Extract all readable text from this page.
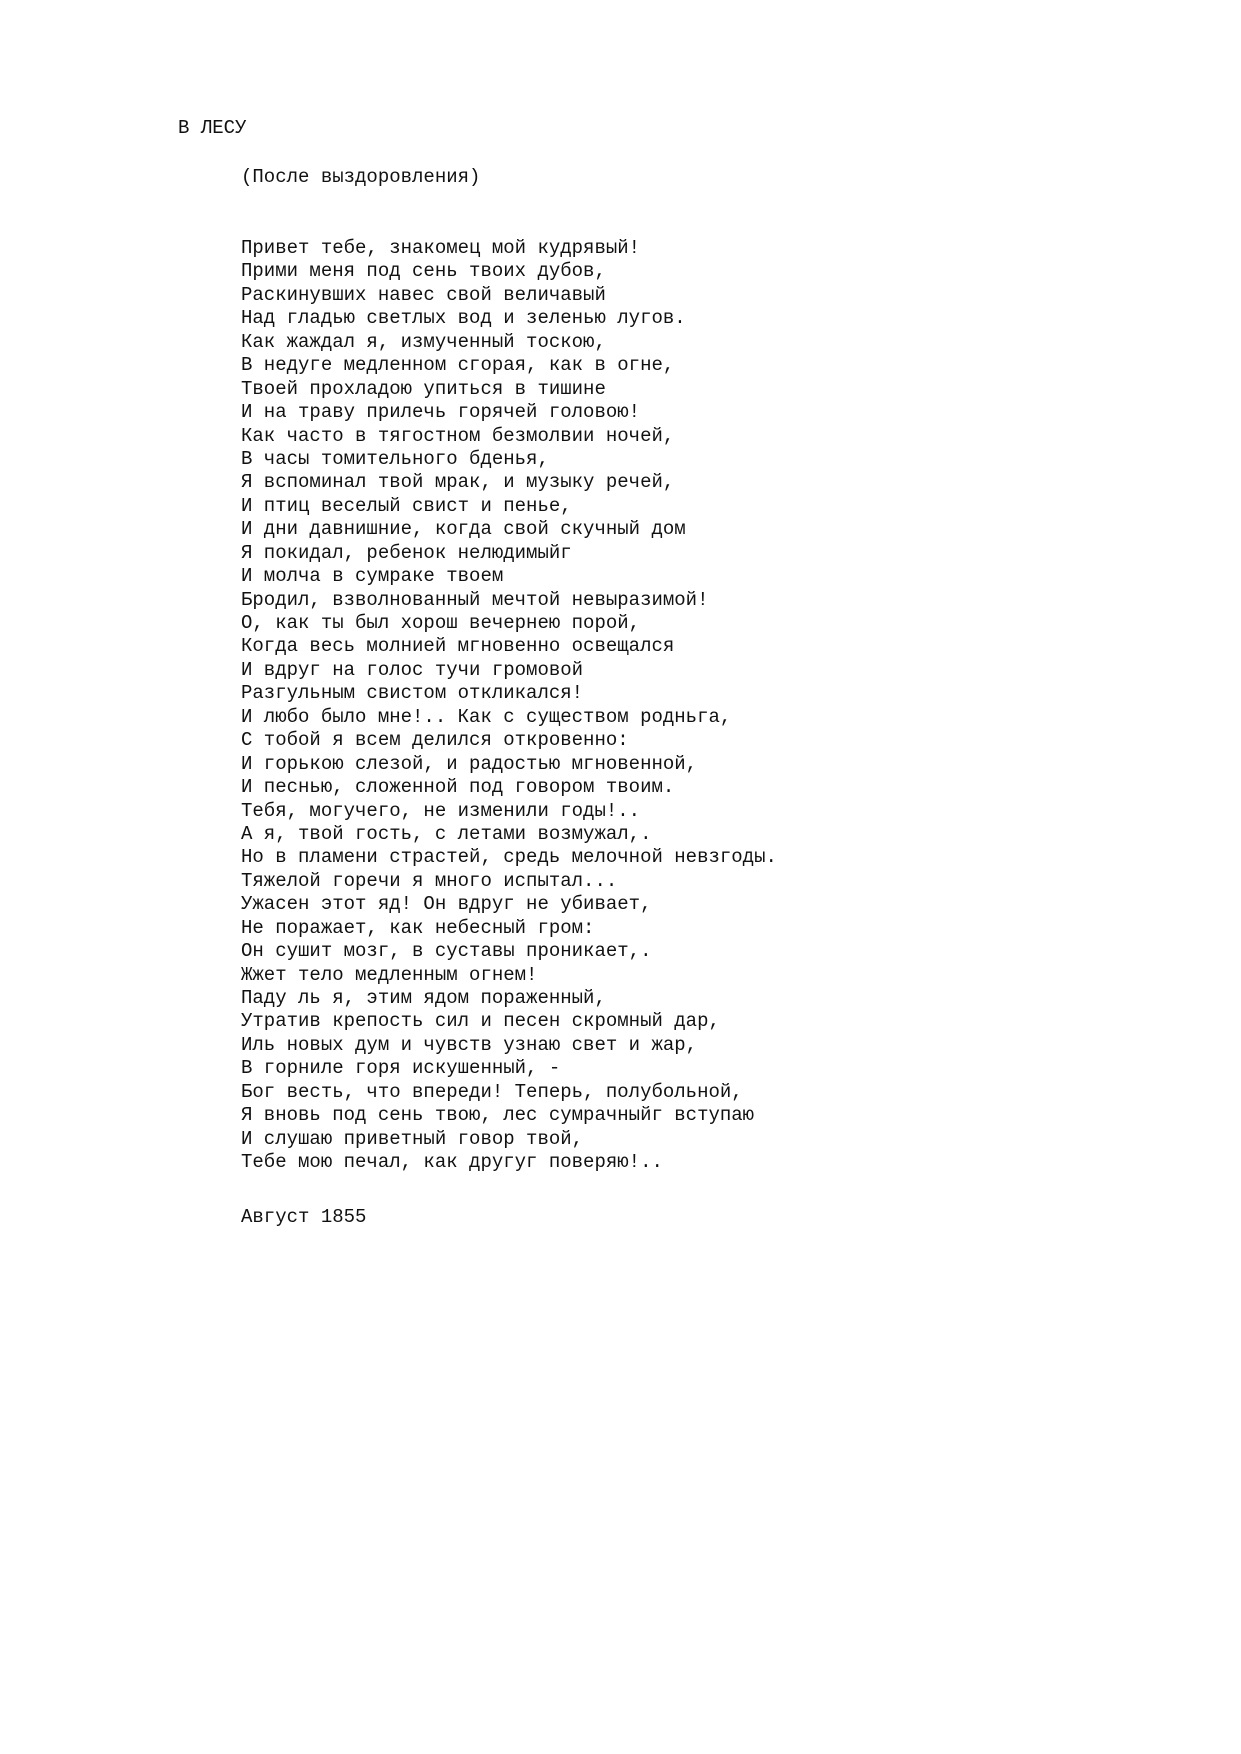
В ЛЕСУ
(После выздоровления)
Привет тебе, знакомец мой кудрявый!
Прими меня под сень твоих дубов,
Раскинувших навес свой величавый
Над гладью светлых вод и зеленью лугов.
Как жаждал я, измученный тоскою,
В недуге медленном сгорая, как в огне,
Твоей прохладою упиться в тишине
И на траву прилечь горячей головою!
Как часто в тягостном безмолвии ночей,
В часы томительного бденья,
Я вспоминал твой мрак, и музыку речей,
И птиц веселый свист и пенье,
И дни давнишние, когда свой скучный дом
Я покидал, ребенок нелюдимыйг
И молча в сумраке твоем
Бродил, взволнованный мечтой невыразимой!
О, как ты был хорош вечернею порой,
Когда весь молнией мгновенно освещался
И вдруг на голос тучи громовой
Разгульным свистом откликался!
И любо было мне!.. Как с существом родньга,
С тобой я всем делился откровенно:
И горькою слезой, и радостью мгновенной,
И песнью, сложенной под говором твоим.
Тебя, могучего, не изменили годы!..
А я, твой гость, с летами возмужал,.
Но в пламени страстей, средь мелочной невзгоды.
Тяжелой горечи я много испытал...
Ужасен этот яд! Он вдруг не убивает,
Не поражает, как небесный гром:
Он сушит мозг, в суставы проникает,.
Жжет тело медленным огнем!
Паду ль я, этим ядом пораженный,
Утратив крепость сил и песен скромный дар,
Иль новых дум и чувств узнаю свет и жар,
В горниле горя искушенный, -
Бог весть, что впереди! Теперь, полубольной,
Я вновь под сень твою, лес сумрачныйг вступаю
И слушаю приветный говор твой,
Тебе мою печал, как другуг поверяю!..
Август 1855
